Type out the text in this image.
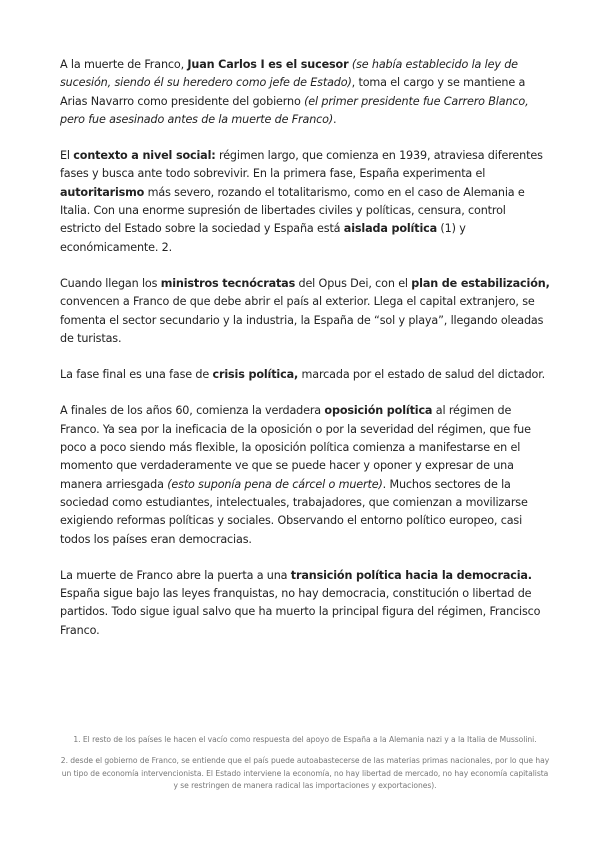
A la muerte de Franco, Juan Carlos I es el sucesor (se había establecido la ley de sucesión, siendo él su heredero como jefe de Estado), toma el cargo y se mantiene a Arias Navarro como presidente del gobierno (el primer presidente fue Carrero Blanco, pero fue asesinado antes de la muerte de Franco).

El contexto a nivel social: régimen largo, que comienza en 1939, atraviesa diferentes fases y busca ante todo sobrevivir. En la primera fase, España experimenta el autoritarismo más severo, rozando el totalitarismo, como en el caso de Alemania e Italia. Con una enorme supresión de libertades civiles y políticas, censura, control estricto del Estado sobre la sociedad y España está aislada política (1) y económicamente. 2.

Cuando llegan los ministros tecnócratas del Opus Dei, con el plan de estabilización, convencen a Franco de que debe abrir el país al exterior. Llega el capital extranjero, se fomenta el sector secundario y la industria, la España de “sol y playa”, llegando oleadas de turistas.

La fase final es una fase de crisis política, marcada por el estado de salud del dictador.

A finales de los años 60, comienza la verdadera oposición política al régimen de Franco. Ya sea por la ineficacia de la oposición o por la severidad del régimen, que fue poco a poco siendo más flexible, la oposición política comienza a manifestarse en el momento que verdaderamente ve que se puede hacer y oponer y expresar de una manera arriesgada (esto suponía pena de cárcel o muerte). Muchos sectores de la sociedad como estudiantes, intelectuales, trabajadores, que comienzan a movilizarse exigiendo reformas políticas y sociales. Observando el entorno político europeo, casi todos los países eran democracias.

La muerte de Franco abre la puerta a una transición política hacia la democracia. España sigue bajo las leyes franquistas, no hay democracia, constitución o libertad de partidos. Todo sigue igual salvo que ha muerto la principal figura del régimen, Francisco Franco.

1. El resto de los países le hacen el vacío como respuesta del apoyo de España a la Alemania nazi y a la Italia de Mussolini.

2. desde el gobierno de Franco, se entiende que el país puede autoabastecerse de las materias primas nacionales, por lo que hay un tipo de economía intervencionista. El Estado interviene la economía, no hay libertad de mercado, no hay economía capitalista y se restringen de manera radical las importaciones y exportaciones).
